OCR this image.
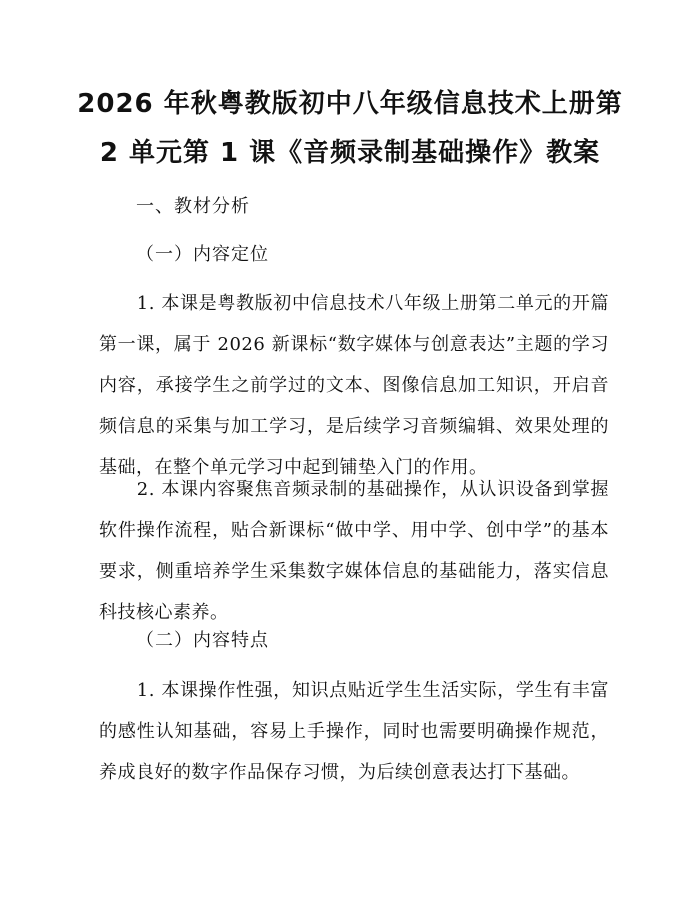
2026 年秋粤教版初中八年级信息技术上册第
2 单元第 1 课《音频录制基础操作》教案
一、教材分析
（一）内容定位
1. 本课是粤教版初中信息技术八年级上册第二单元的开篇第一课，属于 2026 新课标“数字媒体与创意表达”主题的学习内容，承接学生之前学过的文本、图像信息加工知识，开启音频信息的采集与加工学习，是后续学习音频编辑、效果处理的基础，在整个单元学习中起到铺垫入门的作用。
2. 本课内容聚焦音频录制的基础操作，从认识设备到掌握软件操作流程，贴合新课标“做中学、用中学、创中学”的基本要求，侧重培养学生采集数字媒体信息的基础能力，落实信息科技核心素养。
（二）内容特点
1. 本课操作性强，知识点贴近学生生活实际，学生有丰富的感性认知基础，容易上手操作，同时也需要明确操作规范，养成良好的数字作品保存习惯，为后续创意表达打下基础。
